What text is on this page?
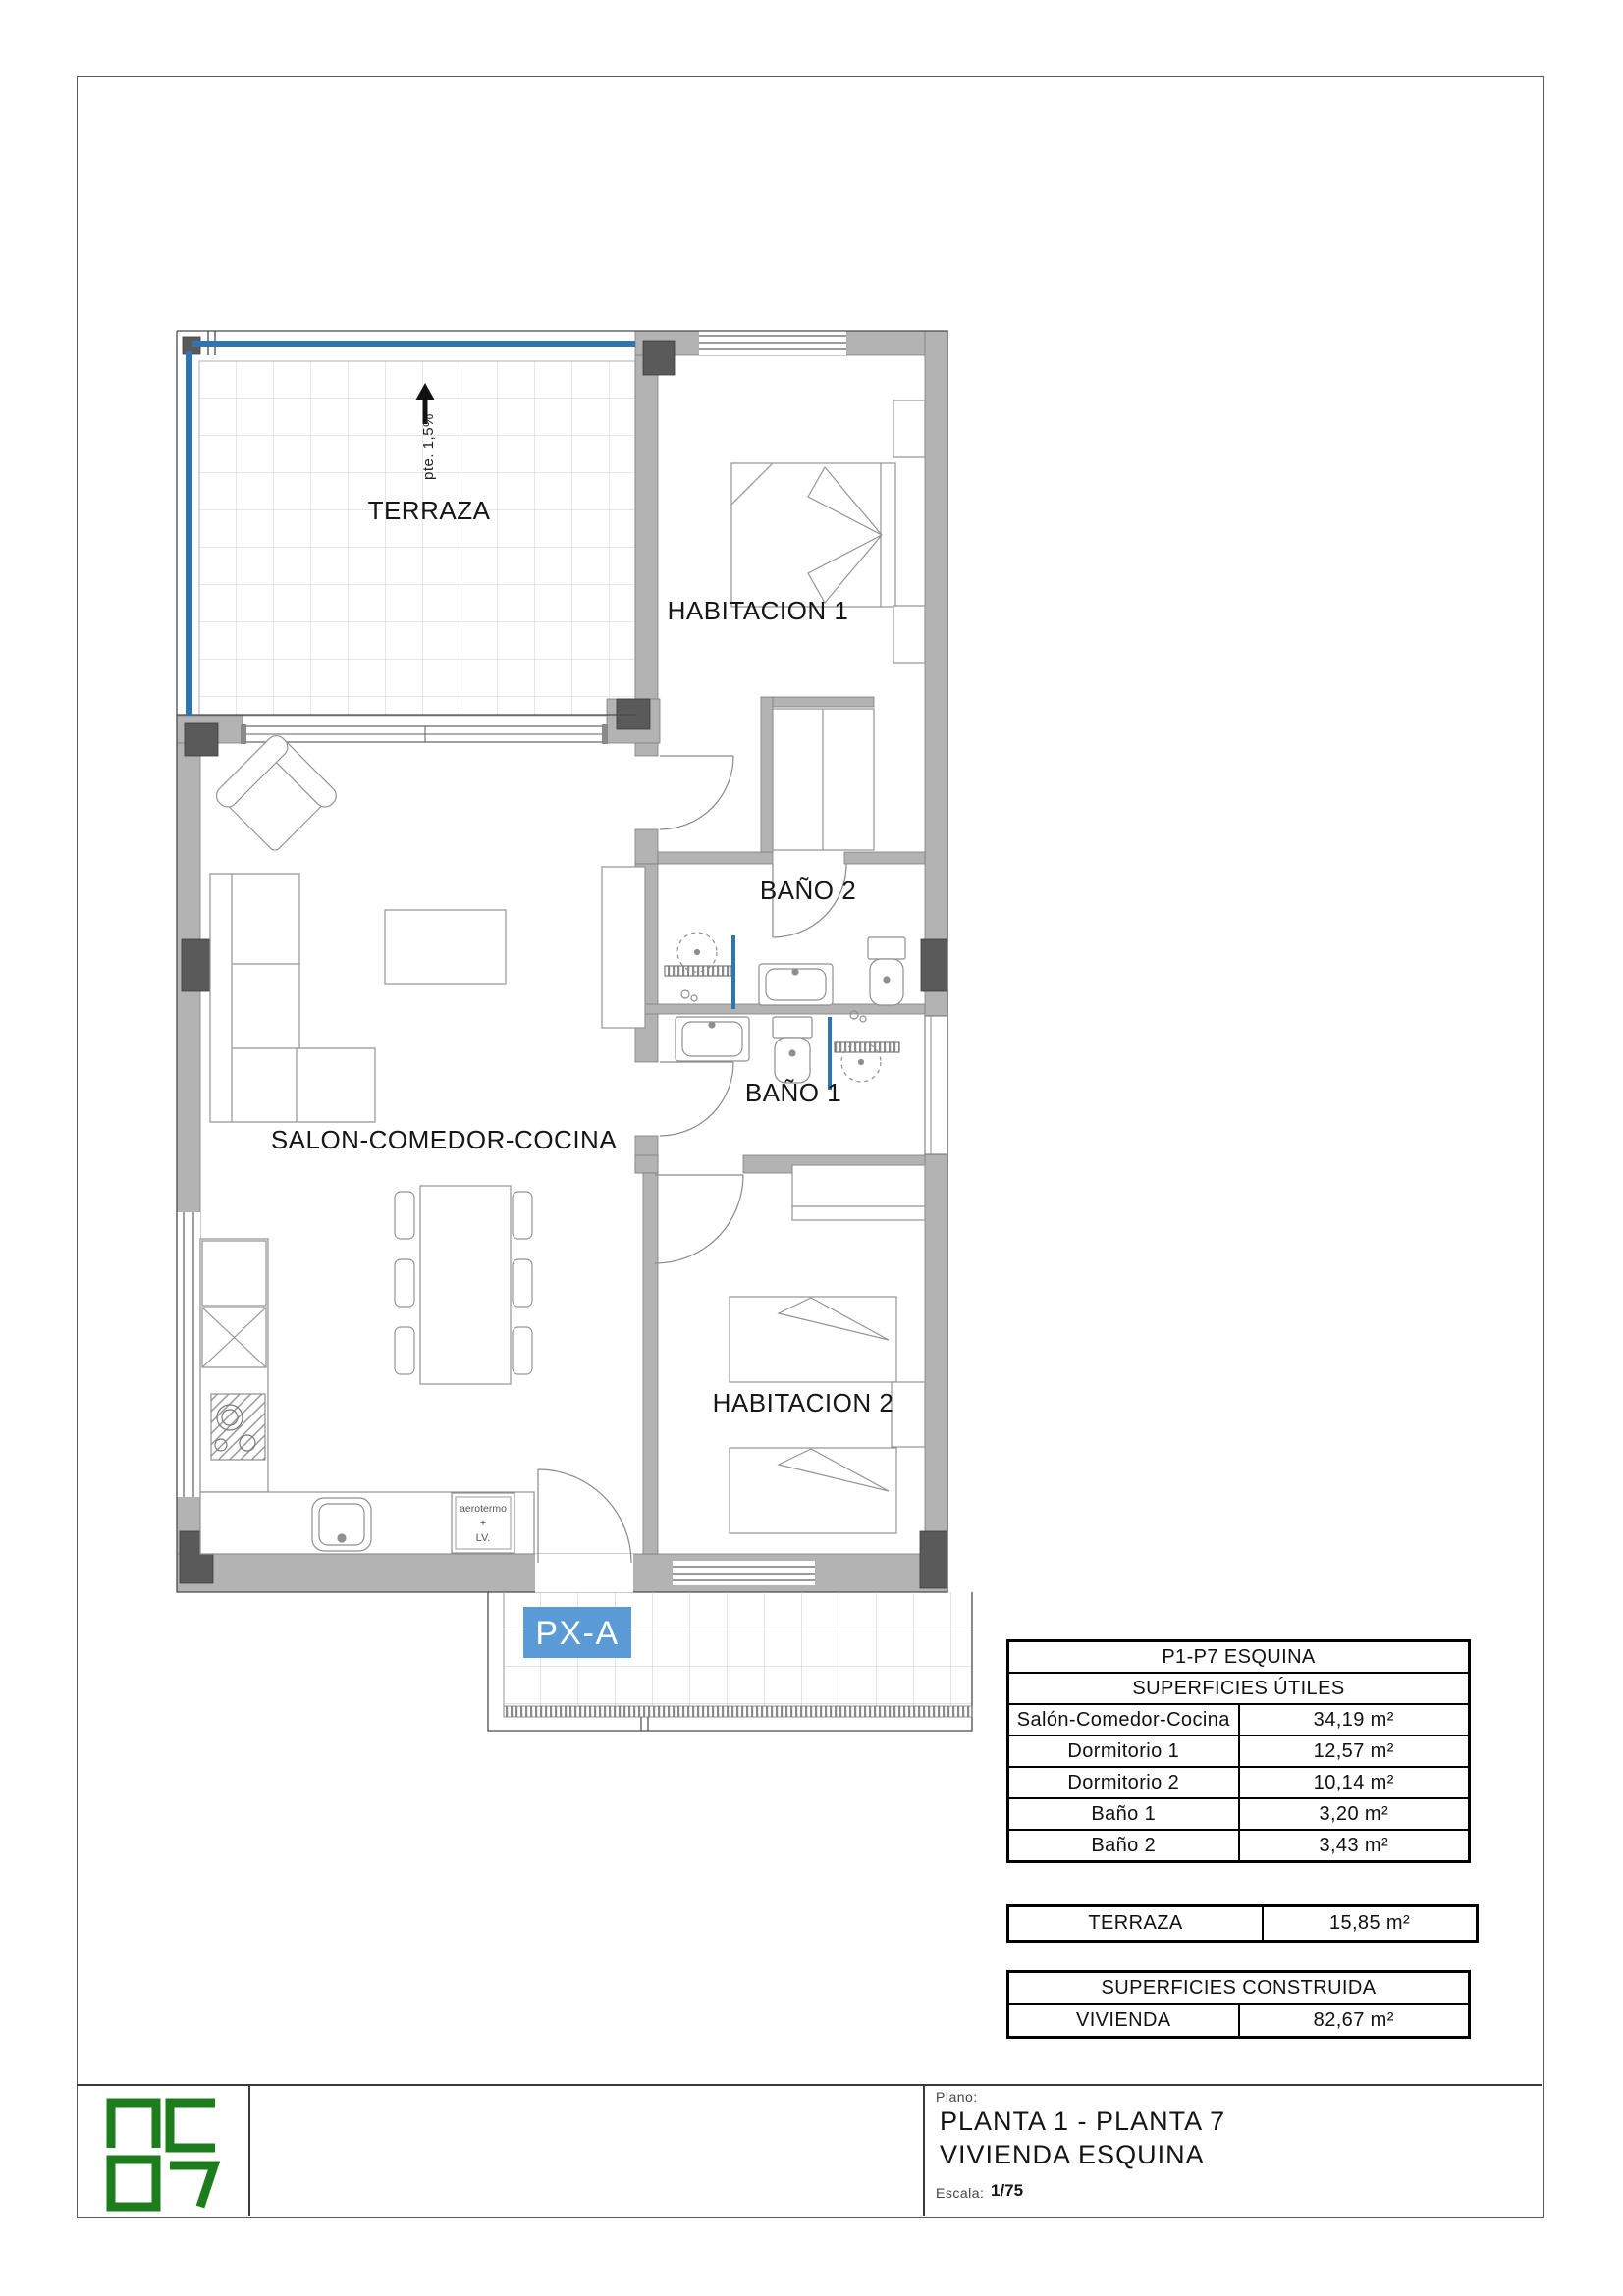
PX-A
pte. 1,5%
aerotermo
+
LV.
TERRAZA
HABITACION 1
BAÑO 2
BAÑO 1
SALON-COMEDOR-COCINA
HABITACION 2
P1-P7 ESQUINA	
SUPERFICIES ÚTILES	
Salón-Comedor-Cocina	34,19 m²
Dormitorio 1	12,57 m²
Dormitorio 2	10,14 m²
Baño 1	3,20 m²
Baño 2	3,43 m²
TERRAZA	15,85 m²
SUPERFICIES CONSTRUIDA
VIVIENDA	82,67 m²
Plano:
PLANTA 1 - PLANTA 7
VIVIENDA ESQUINA
Escala: 1/75
